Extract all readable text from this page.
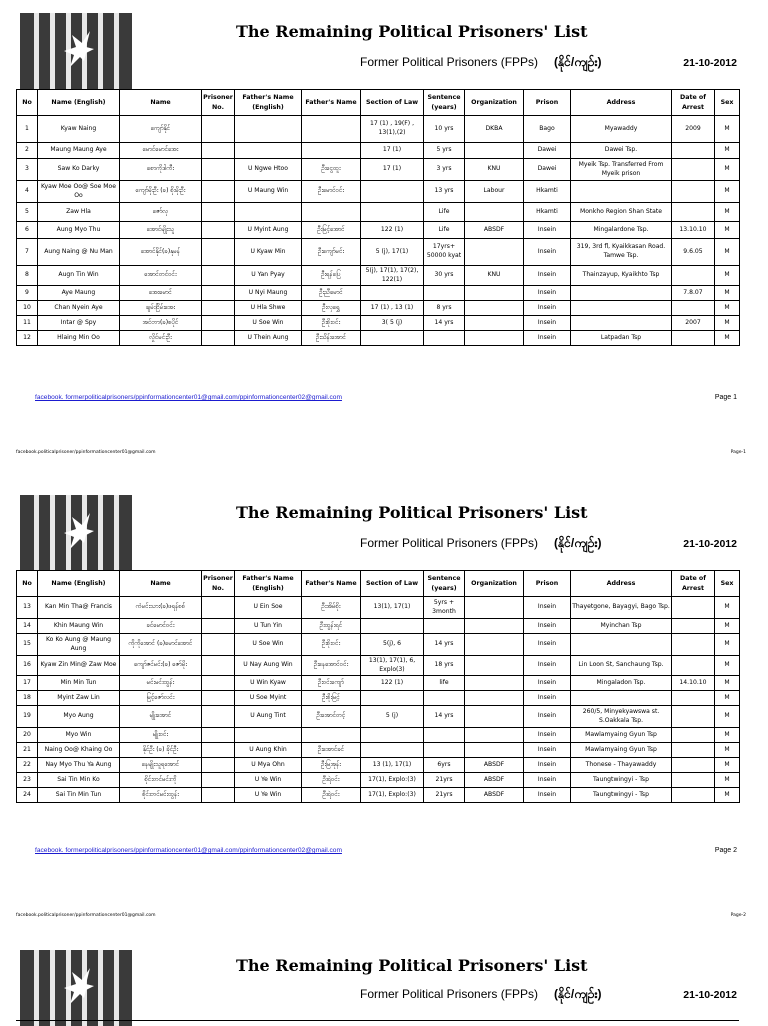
The Remaining Political Prisoners' List
Former Political Prisoners (FPPs) (နိုင်/ကျဉ်း)	21-10-2012
No	Name (English)	Name	Prisoner No.	Father's Name (English)	Father's Name	Section of Law	Sentence (years)	Organization	Prison	Address	Date of Arrest	Sex
1	Kyaw Naing	ကျော်နိုင်				17 (1) , 19(F) , 13(1),(2)	10 yrs	DKBA	Bago	Myawaddy	2009	M
2	Maung Maung Aye	မောင်မောင်အေး				17 (1)	5 yrs		Dawei	Dawei Tsp.		M
3	Saw Ko Darky	စောကိုဒါကီး		U Ngwe Htoo	ဦးငွေထူး	17 (1)	3 yrs	KNU	Dawei	Myeik Tsp. Transferred From Myeik prison		M
4	Kyaw Moe Oo@ Soe Moe Oo	ကျော်မိုးဦး (ခ) စိုးမိုးဦး		U Maung Win	ဦးမောင်ဝင်း		13 yrs	Labour	Hkamti			M
5	Zaw Hla	ဇော်လှ					Life		Hkamti	Monkho Region Shan State		M
6	Aung Myo Thu	အောင်မျိုးသူ		U Myint Aung	ဦးမြင့်အောင်	122 (1)	Life	ABSDF	Insein	Mingalardone Tsp.	13.10.10	M
7	Aung Naing @ Nu Man	အောင်နိုင်(ခ)နုမန်		U Kyaw Min	ဦးကျော်မင်း	5 (j), 17(1)	17yrs+ 50000 kyat		Insein	319, 3rd fl, Kyaikkasan Road. Tamwe Tsp.	9.6.05	M
8	Augn Tin Win	အောင်တင်ဝင်း		U Yan Pyay	ဦးရန်ပြေ	5(j), 17(1), 17(2), 122(1)	30 yrs	KNU	Insein	Thainzayup, Kyaikhto Tsp		M
9	Aye Maung	အေးမောင်		U Nyi Maung	ဦးညီမောင်				Insein		7.8.07	M
10	Chan Nyein Aye	ချမ်းငြိမ်းအေး		U Hla Shwe	ဦးလှရွှေ	17 (1) , 13 (1)	8 yrs		Insein			M
11	Intar @ Spy	အင်တာ(ခ)စပိုင်		U Soe Win	ဦးစိုးဝင်း	3( 5 (j)	14 yrs		Insein		2007	M
12	Hlaing Min Oo	လှိုင်မင်းဦး		U Thein Aung	ဦးသိန်းအောင်				Insein	Latpadan Tsp		M
facebook. formerpoliticalprisoners/ppinformationcenter01@gmail.com/ppinformationcenter02@gmail.com	Page 1
facebook.politicalprisoner/ppinformationcenter01@gmail.com	Page-1
The Remaining Political Prisoners' List
Former Political Prisoners (FPPs) (နိုင်/ကျဉ်း)	21-10-2012
No	Name (English)	Name	Prisoner No.	Father's Name (English)	Father's Name	Section of Law	Sentence (years)	Organization	Prison	Address	Date of Arrest	Sex
13	Kan Min Tha@ Francis	ကံမင်းသား(ခ)ဖရန်စစ်		U Ein Soe	ဦးအိမ်စိုး	13(1), 17(1)	5yrs + 3month		Insein	Thayetgone, Bayagyi, Bago Tsp.		M
14	Khin Maung Win	ခင်မောင်ဝင်း		U Tun Yin	ဦးထွန်းရင်				Insein	Myinchan Tsp		M
15	Ko Ko Aung @ Maung Aung	ကိုကိုအောင် (ခ)မောင်အောင်		U Soe Win	ဦးစိုးဝင်း	5(j), 6	14 yrs		Insein			M
16	Kyaw Zin Min@ Zaw Moe	ကျော်ဇင်မင်း(ခ) ဇော်မိုး		U Nay Aung Win	ဦးနေအောင်ဝင်း	13(1), 17(1), 6, Explo(3)	18 yrs		Insein	Lin Loon St, Sanchaung Tsp.		M
17	Min Min Tun	မင်းမင်းထွန်း		U Win Kyaw	ဦးဝင်းကျော်	122 (1)	life		Insein	Mingaladon Tsp.	14.10.10	M
18	Myint Zaw Lin	မြင့်ဇော်လင်း		U Soe Myint	ဦးစိုးမြင့်				Insein			M
19	Myo Aung	မျိုးအောင်		U Aung Tint	ဦးအောင်တင့်	5 (j)	14 yrs		Insein	260/5, Minyekyawswa st. S.Oakkala Tsp.		M
20	Myo Win	မျိုးဝင်း							Insein	Mawlamyaing Gyun Tsp		M
21	Naing Oo@ Khaing Oo	နိုင်ဦး (ခ) ခိုင်ဦး		U Aung Khin	ဦးအောင်ခင်				Insein	Mawlamyaing Gyun Tsp		M
22	Nay Myo Thu Ya Aung	နေမျိုးသူရအောင်		U Mya Ohn	ဦးမြအုန်း	13 (1), 17(1)	6yrs	ABSDF	Insein	Thonese - Thayawaddy		M
23	Sai Tin Min Ko	စိုင်းတင်မင်းကို		U Ye Win	ဦးရဲဝင်း	17(1), Explo:(3)	21yrs	ABSDF	Insein	Taungtwingyi - Tsp		M
24	Sai Tin Min Tun	စိုင်းတင်မင်းထွန်း		U Ye Win	ဦးရဲဝင်း	17(1), Explo:(3)	21yrs	ABSDF	Insein	Taungtwingyi - Tsp		M
facebook. formerpoliticalprisoners/ppinformationcenter01@gmail.com/ppinformationcenter02@gmail.com	Page 2
facebook.politicalprisoner/ppinformationcenter01@gmail.com	Page-2
The Remaining Political Prisoners' List
Former Political Prisoners (FPPs) (နိုင်/ကျဉ်း)	21-10-2012
